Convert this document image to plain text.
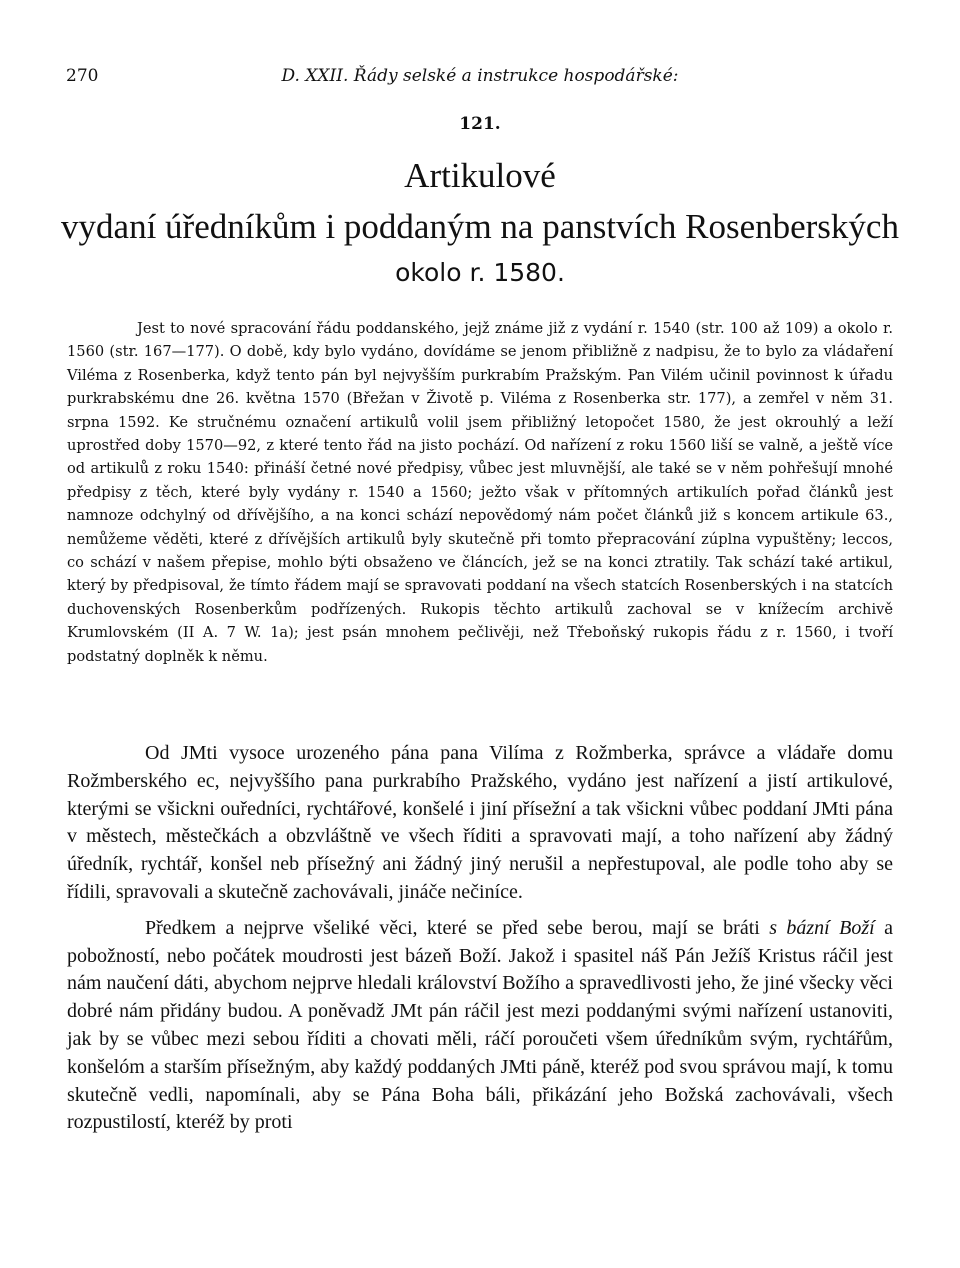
270	D. XXII. Řády selské a instrukce hospodářské:
121.
Artikulové
vydaní úředníkům i poddaným na panstvích Rosenberských
okolo r. 1580.

Jest to nové spracování řádu poddanského, jejž známe již z vydání r. 1540 (str. 100 až 109) a okolo r. 1560 (str. 167—177). O době, kdy bylo vydáno, dovídáme se jenom přibližně z nadpisu, že to bylo za vládaření Viléma z Rosenberka, když tento pán byl nejvyšším purkrabím Pražským. Pan Vilém učinil povinnost k úřadu purkrabskému dne 26. května 1570 (Břežan v Životě p. Viléma z Rosenberka str. 177), a zemřel v něm 31. srpna 1592. Ke stručnému označení artikulů volil jsem přibližný letopočet 1580, že jest okrouhlý a leží uprostřed doby 1570—92, z které tento řád na jisto pochází. Od nařízení z roku 1560 liší se valně, a ještě více od artikulů z roku 1540: přináší četné nové předpisy, vůbec jest mluvnější, ale také se v něm pohřešují mnohé předpisy z těch, které byly vydány r. 1540 a 1560; ježto však v přítomných artikulích pořad článků jest namnoze odchylný od dřívějšího, a na konci schází nepovědomý nám počet článků již s koncem artikule 63., nemůžeme věděti, které z dřívějších artikulů byly skutečně při tomto přepracování zúplna vypuštěny; leccos, co schází v našem přepise, mohlo býti obsaženo ve článcích, jež se na konci ztratily. Tak schází také artikul, který by předpisoval, že tímto řádem mají se spravovati poddaní na všech statcích Rosenberských i na statcích duchovenských Rosenberkům podřízených. Rukopis těchto artikulů zachoval se v knížecím archivě Krumlovském (II A. 7 W. 1a); jest psán mnohem pečlivěji, než Třeboňský rukopis řádu z r. 1560, i tvoří podstatný doplněk k němu.

Od JMti vysoce urozeného pána pana Vilíma z Rožmberka, správce a vládaře domu Rožmberského ec, nejvyššího pana purkrabího Pražského, vydáno jest nařízení a jistí artikulové, kterými se všickni ouředníci, rychtářové, konšelé i jiní přísežní a tak všickni vůbec poddaní JMti pána v městech, městečkách a obzvláštně ve všech říditi a spravovati mají, a toho nařízení aby žádný úředník, rychtář, konšel neb přísežný ani žádný jiný nerušil a nepřestupoval, ale podle toho aby se řídili, spravovali a skutečně zachovávali, jináče nečiníce.

Předkem a nejprve všeliké věci, které se před sebe berou, mají se bráti s bázní Boží a pobožností, nebo počátek moudrosti jest bázeň Boží. Jakož i spasitel náš Pán Ježíš Kristus ráčil jest nám naučení dáti, abychom nejprve hledali království Božího a spravedlivosti jeho, že jiné všecky věci dobré nám přidány budou. A poněvadž JMt pán ráčil jest mezi poddanými svými nařízení ustanoviti, jak by se vůbec mezi sebou říditi a chovati měli, ráčí poroučeti všem úředníkům svým, rychtářům, konšelóm a starším přísežným, aby každý poddaných JMti páně, kteréž pod svou správou mají, k tomu skutečně vedli, napomínali, aby se Pána Boha báli, přikázání jeho Božská zachovávali, všech rozpustilostí, kteréž by proti
